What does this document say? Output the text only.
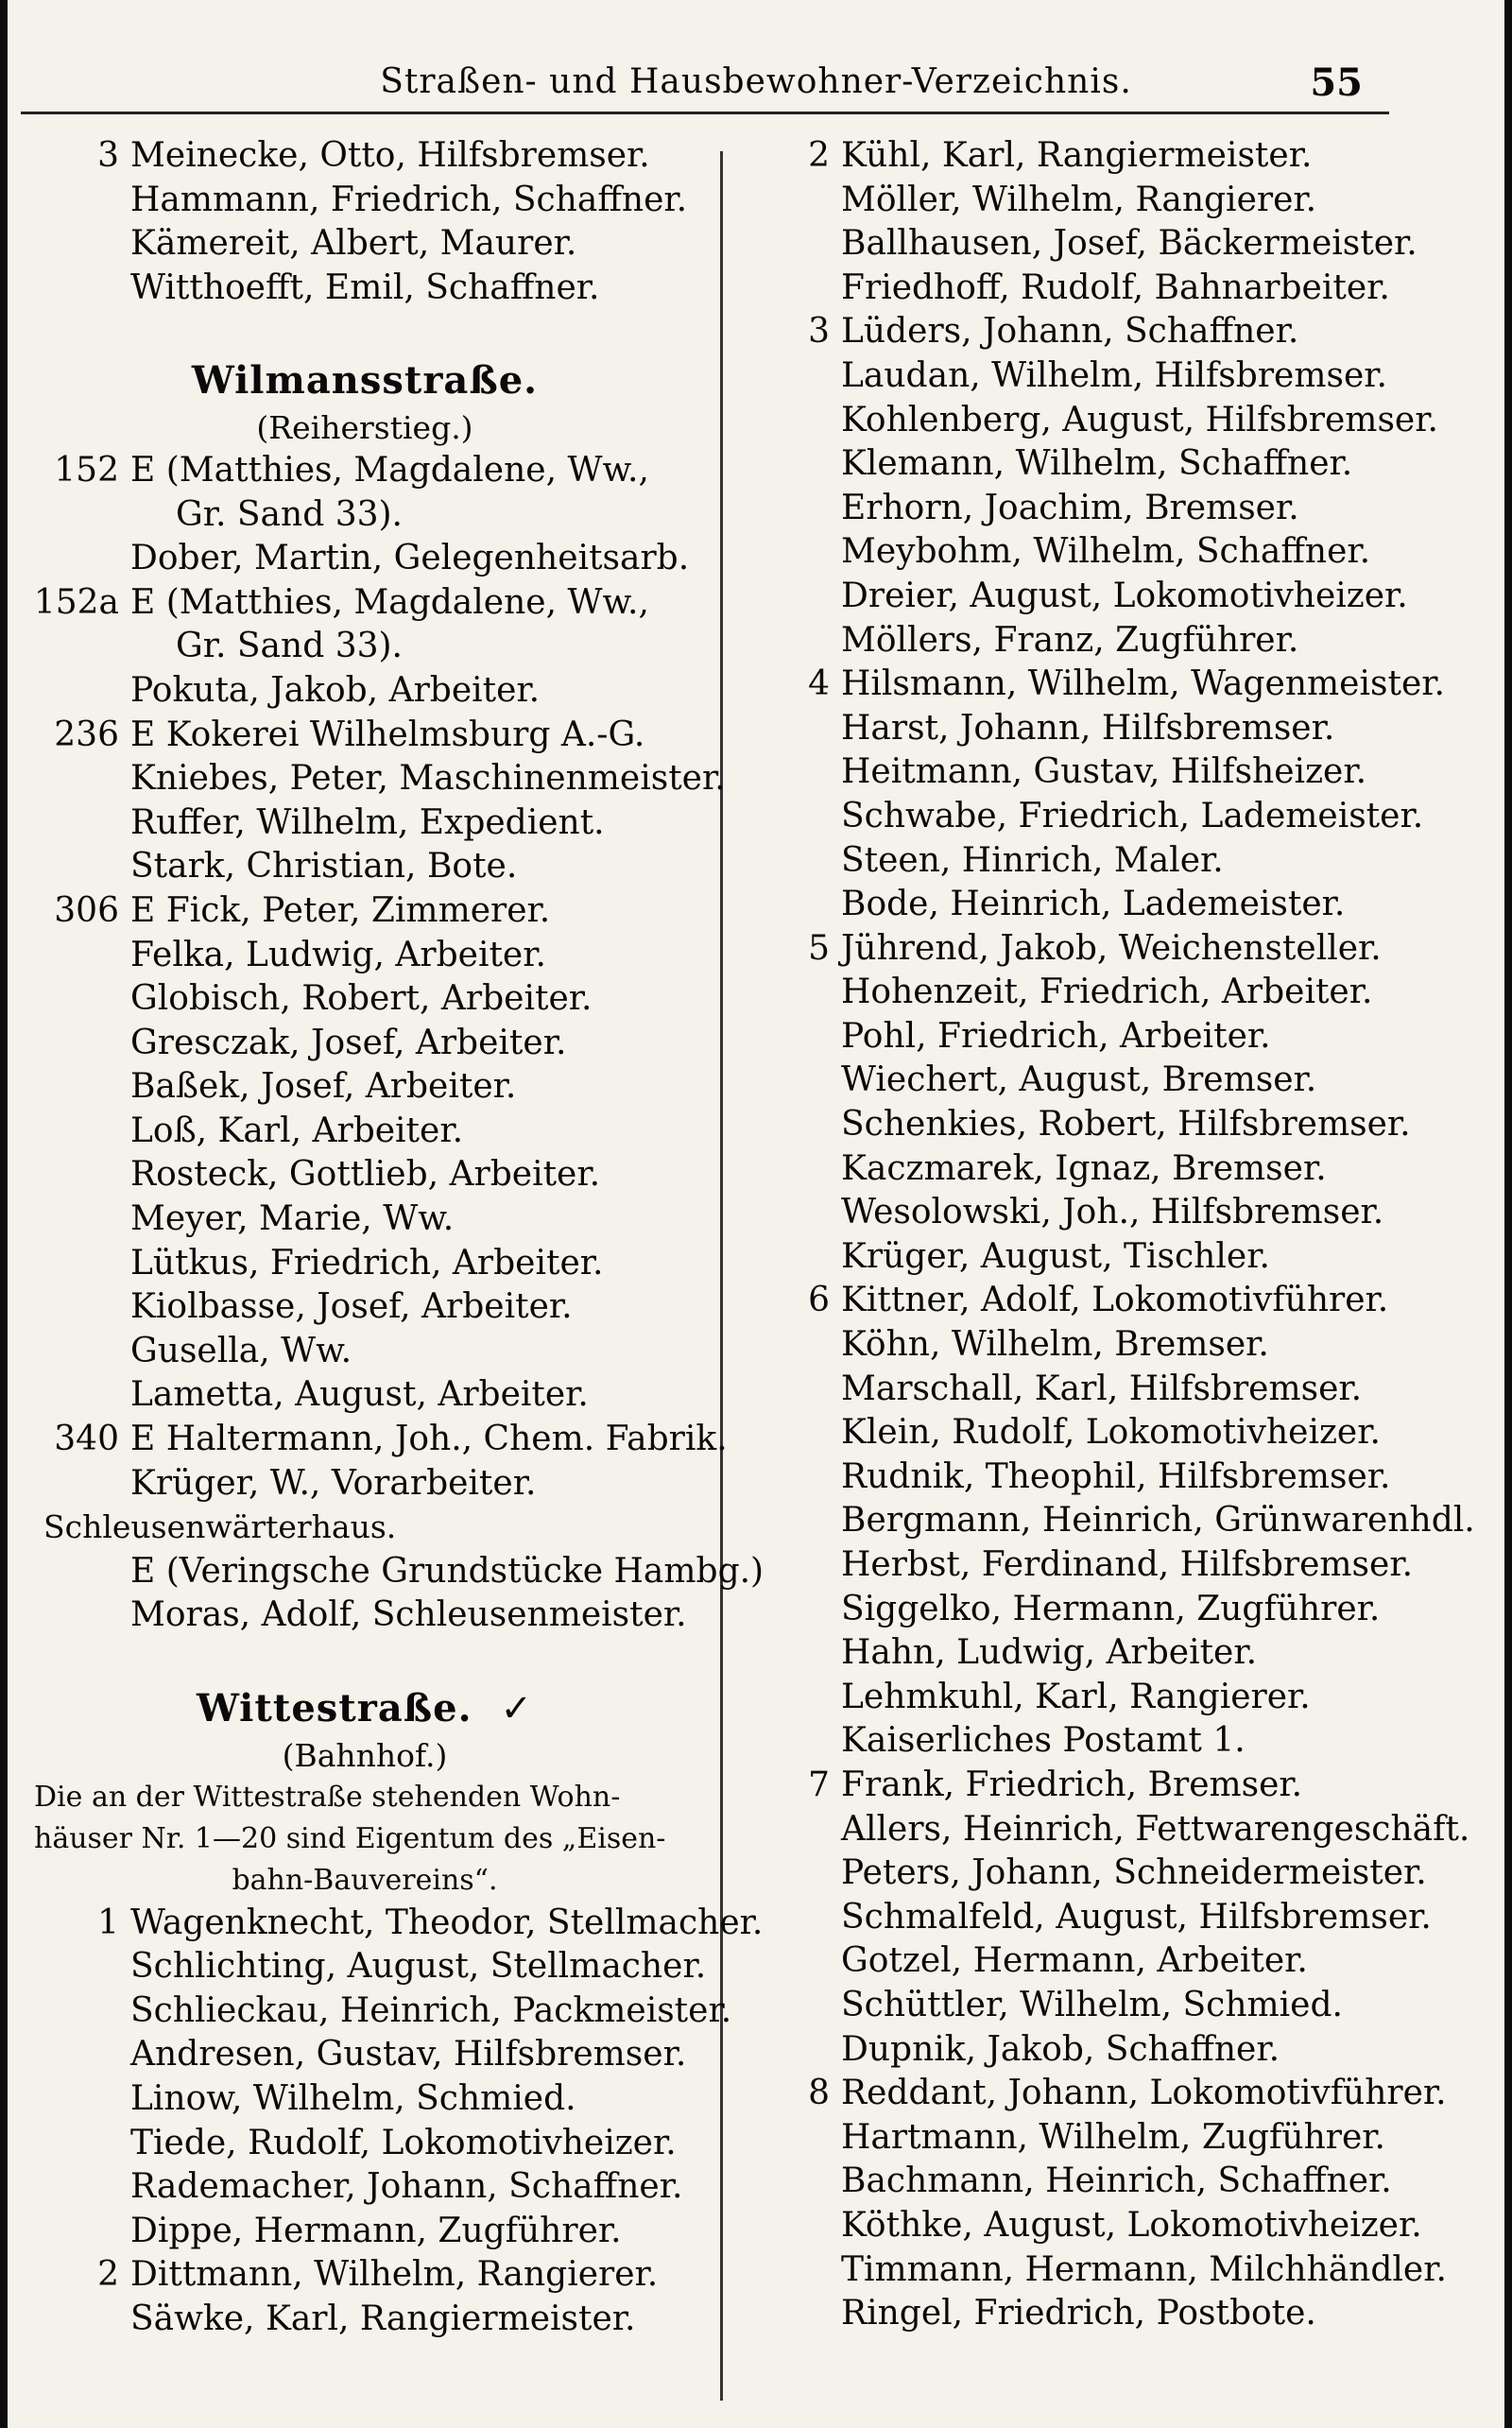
Straßen- und Hausbewohner-Verzeichnis.	55
3 Meinecke, Otto, Hilfsbremser.
Hammann, Friedrich, Schaffner.
Kämereit, Albert, Maurer.
Witthoefft, Emil, Schaffner.
Wilmansstraße.
(Reiherstieg.)
152 E (Matthies, Magdalene, Ww.,
Gr. Sand 33).
Dober, Martin, Gelegenheitsarb.
152a E (Matthies, Magdalene, Ww.,
Gr. Sand 33).
Pokuta, Jakob, Arbeiter.
236 E Kokerei Wilhelmsburg A.-G.
Kniebes, Peter, Maschinenmeister.
Ruffer, Wilhelm, Expedient.
Stark, Christian, Bote.
306 E Fick, Peter, Zimmerer.
Felka, Ludwig, Arbeiter.
Globisch, Robert, Arbeiter.
Gresczak, Josef, Arbeiter.
Baßek, Josef, Arbeiter.
Loß, Karl, Arbeiter.
Rosteck, Gottlieb, Arbeiter.
Meyer, Marie, Ww.
Lütkus, Friedrich, Arbeiter.
Kiolbasse, Josef, Arbeiter.
Gusella, Ww.
Lametta, August, Arbeiter.
340 E Haltermann, Joh., Chem. Fabrik.
Krüger, W., Vorarbeiter.
Schleusenwärterhaus.
E (Veringsche Grundstücke Hambg.)
Moras, Adolf, Schleusenmeister.
Wittestraße. ✓
(Bahnhof.)
Die an der Wittestraße stehenden Wohn-
häuser Nr. 1—20 sind Eigentum des „Eisen-
bahn-Bauvereins“.
1 Wagenknecht, Theodor, Stellmacher.
Schlichting, August, Stellmacher.
Schlieckau, Heinrich, Packmeister.
Andresen, Gustav, Hilfsbremser.
Linow, Wilhelm, Schmied.
Tiede, Rudolf, Lokomotivheizer.
Rademacher, Johann, Schaffner.
Dippe, Hermann, Zugführer.
2 Dittmann, Wilhelm, Rangierer.
Säwke, Karl, Rangiermeister.
2 Kühl, Karl, Rangiermeister.
Möller, Wilhelm, Rangierer.
Ballhausen, Josef, Bäckermeister.
Friedhoff, Rudolf, Bahnarbeiter.
3 Lüders, Johann, Schaffner.
Laudan, Wilhelm, Hilfsbremser.
Kohlenberg, August, Hilfsbremser.
Klemann, Wilhelm, Schaffner.
Erhorn, Joachim, Bremser.
Meybohm, Wilhelm, Schaffner.
Dreier, August, Lokomotivheizer.
Möllers, Franz, Zugführer.
4 Hilsmann, Wilhelm, Wagenmeister.
Harst, Johann, Hilfsbremser.
Heitmann, Gustav, Hilfsheizer.
Schwabe, Friedrich, Lademeister.
Steen, Hinrich, Maler.
Bode, Heinrich, Lademeister.
5 Jührend, Jakob, Weichensteller.
Hohenzeit, Friedrich, Arbeiter.
Pohl, Friedrich, Arbeiter.
Wiechert, August, Bremser.
Schenkies, Robert, Hilfsbremser.
Kaczmarek, Ignaz, Bremser.
Wesolowski, Joh., Hilfsbremser.
Krüger, August, Tischler.
6 Kittner, Adolf, Lokomotivführer.
Köhn, Wilhelm, Bremser.
Marschall, Karl, Hilfsbremser.
Klein, Rudolf, Lokomotivheizer.
Rudnik, Theophil, Hilfsbremser.
Bergmann, Heinrich, Grünwarenhdl.
Herbst, Ferdinand, Hilfsbremser.
Siggelko, Hermann, Zugführer.
Hahn, Ludwig, Arbeiter.
Lehmkuhl, Karl, Rangierer.
Kaiserliches Postamt 1.
7 Frank, Friedrich, Bremser.
Allers, Heinrich, Fettwarengeschäft.
Peters, Johann, Schneidermeister.
Schmalfeld, August, Hilfsbremser.
Gotzel, Hermann, Arbeiter.
Schüttler, Wilhelm, Schmied.
Dupnik, Jakob, Schaffner.
8 Reddant, Johann, Lokomotivführer.
Hartmann, Wilhelm, Zugführer.
Bachmann, Heinrich, Schaffner.
Köthke, August, Lokomotivheizer.
Timmann, Hermann, Milchhändler.
Ringel, Friedrich, Postbote.
